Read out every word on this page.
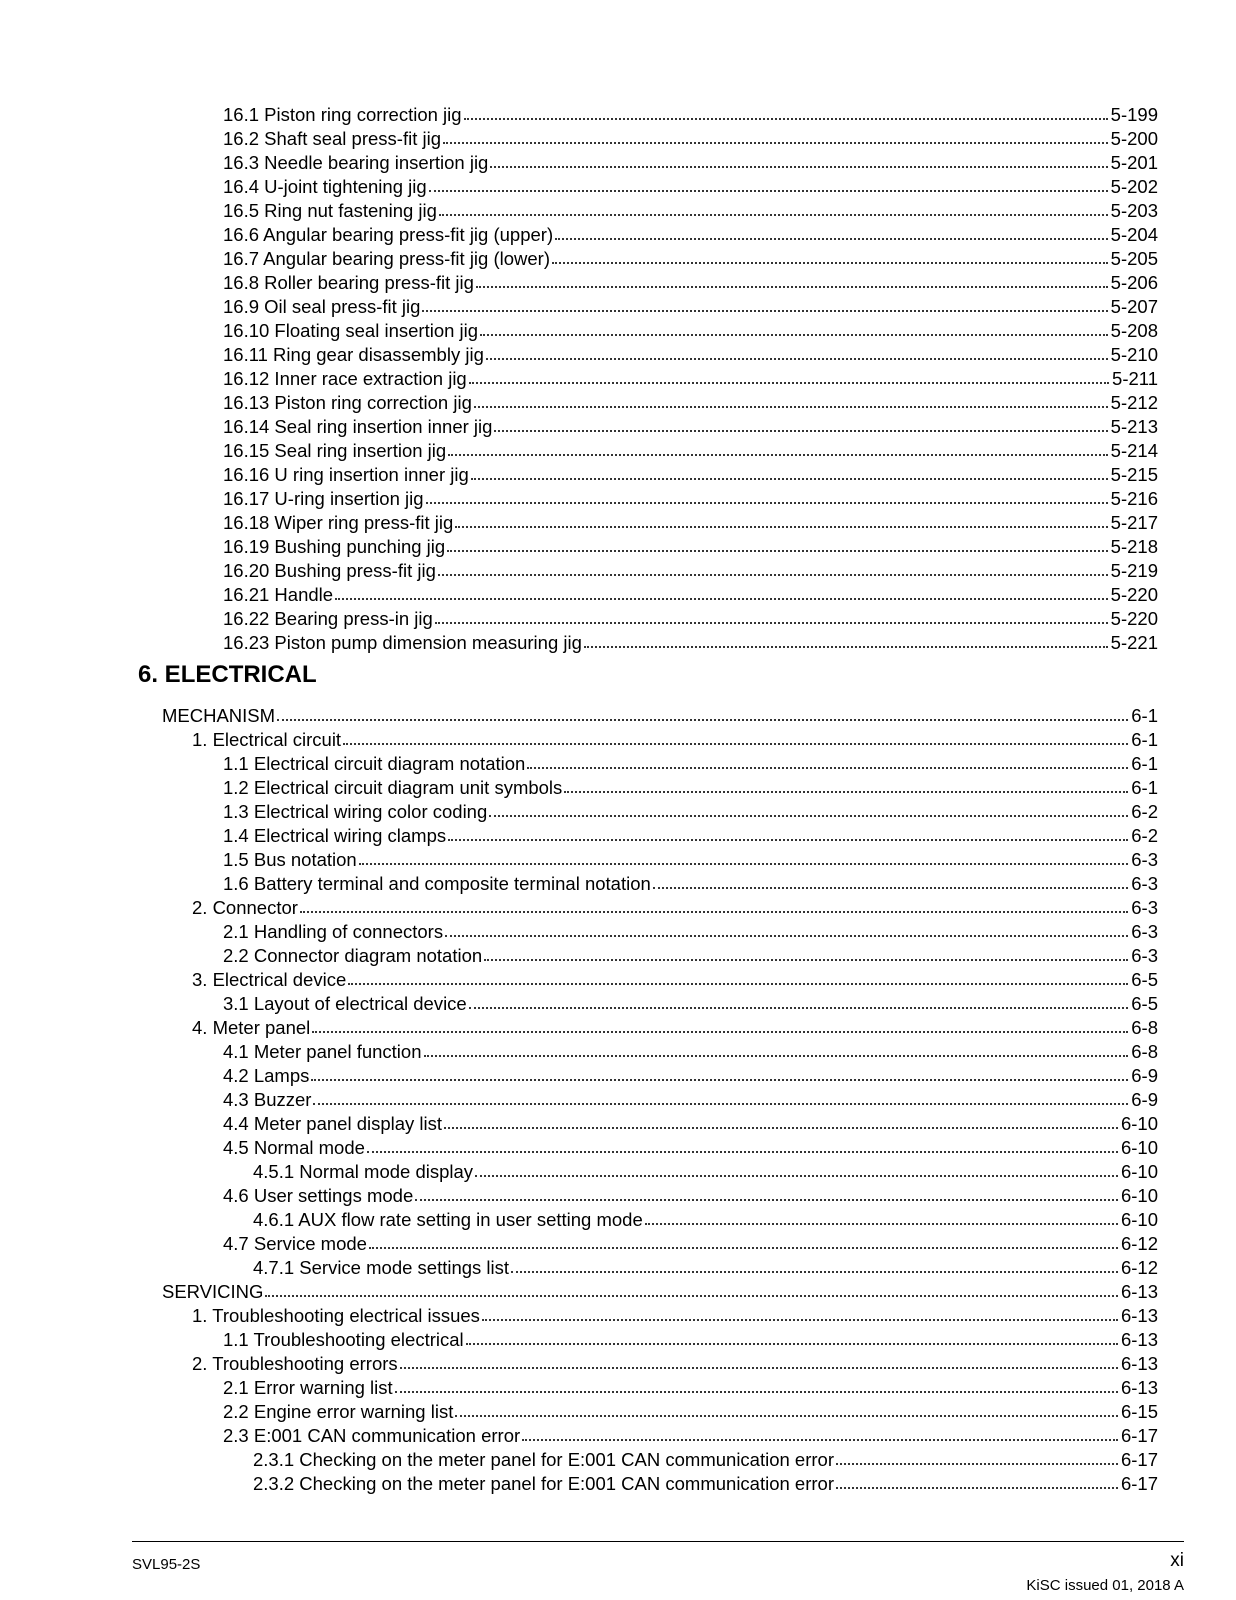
16.1 Piston ring correction jig	5-199
16.2 Shaft seal press-fit jig	5-200
16.3 Needle bearing insertion jig	5-201
16.4 U-joint tightening jig	5-202
16.5 Ring nut fastening jig	5-203
16.6 Angular bearing press-fit jig (upper)	5-204
16.7 Angular bearing press-fit jig (lower)	5-205
16.8 Roller bearing press-fit jig	5-206
16.9 Oil seal press-fit jig	5-207
16.10 Floating seal insertion jig	5-208
16.11 Ring gear disassembly jig	5-210
16.12 Inner race extraction jig	5-211
16.13 Piston ring correction jig	5-212
16.14 Seal ring insertion inner jig	5-213
16.15 Seal ring insertion jig	5-214
16.16 U ring insertion inner jig	5-215
16.17 U-ring insertion jig	5-216
16.18 Wiper ring press-fit jig	5-217
16.19 Bushing punching jig	5-218
16.20 Bushing press-fit jig	5-219
16.21 Handle	5-220
16.22 Bearing press-in jig	5-220
16.23 Piston pump dimension measuring jig	5-221
6. ELECTRICAL
MECHANISM	6-1
1. Electrical circuit	6-1
1.1 Electrical circuit diagram notation	6-1
1.2 Electrical circuit diagram unit symbols	6-1
1.3 Electrical wiring color coding	6-2
1.4 Electrical wiring clamps	6-2
1.5 Bus notation	6-3
1.6 Battery terminal and composite terminal notation	6-3
2. Connector	6-3
2.1 Handling of connectors	6-3
2.2 Connector diagram notation	6-3
3. Electrical device	6-5
3.1 Layout of electrical device	6-5
4. Meter panel	6-8
4.1 Meter panel function	6-8
4.2 Lamps	6-9
4.3 Buzzer	6-9
4.4 Meter panel display list	6-10
4.5 Normal mode	6-10
4.5.1 Normal mode display	6-10
4.6 User settings mode	6-10
4.6.1 AUX flow rate setting in user setting mode	6-10
4.7 Service mode	6-12
4.7.1 Service mode settings list	6-12
SERVICING	6-13
1. Troubleshooting electrical issues	6-13
1.1 Troubleshooting electrical	6-13
2. Troubleshooting errors	6-13
2.1 Error warning list	6-13
2.2 Engine error warning list	6-15
2.3 E:001 CAN communication error	6-17
2.3.1 Checking on the meter panel for E:001 CAN communication error	6-17
2.3.2 Checking on the meter panel for E:001 CAN communication error	6-17
SVL95-2S	xi
KiSC issued 01, 2018 A
